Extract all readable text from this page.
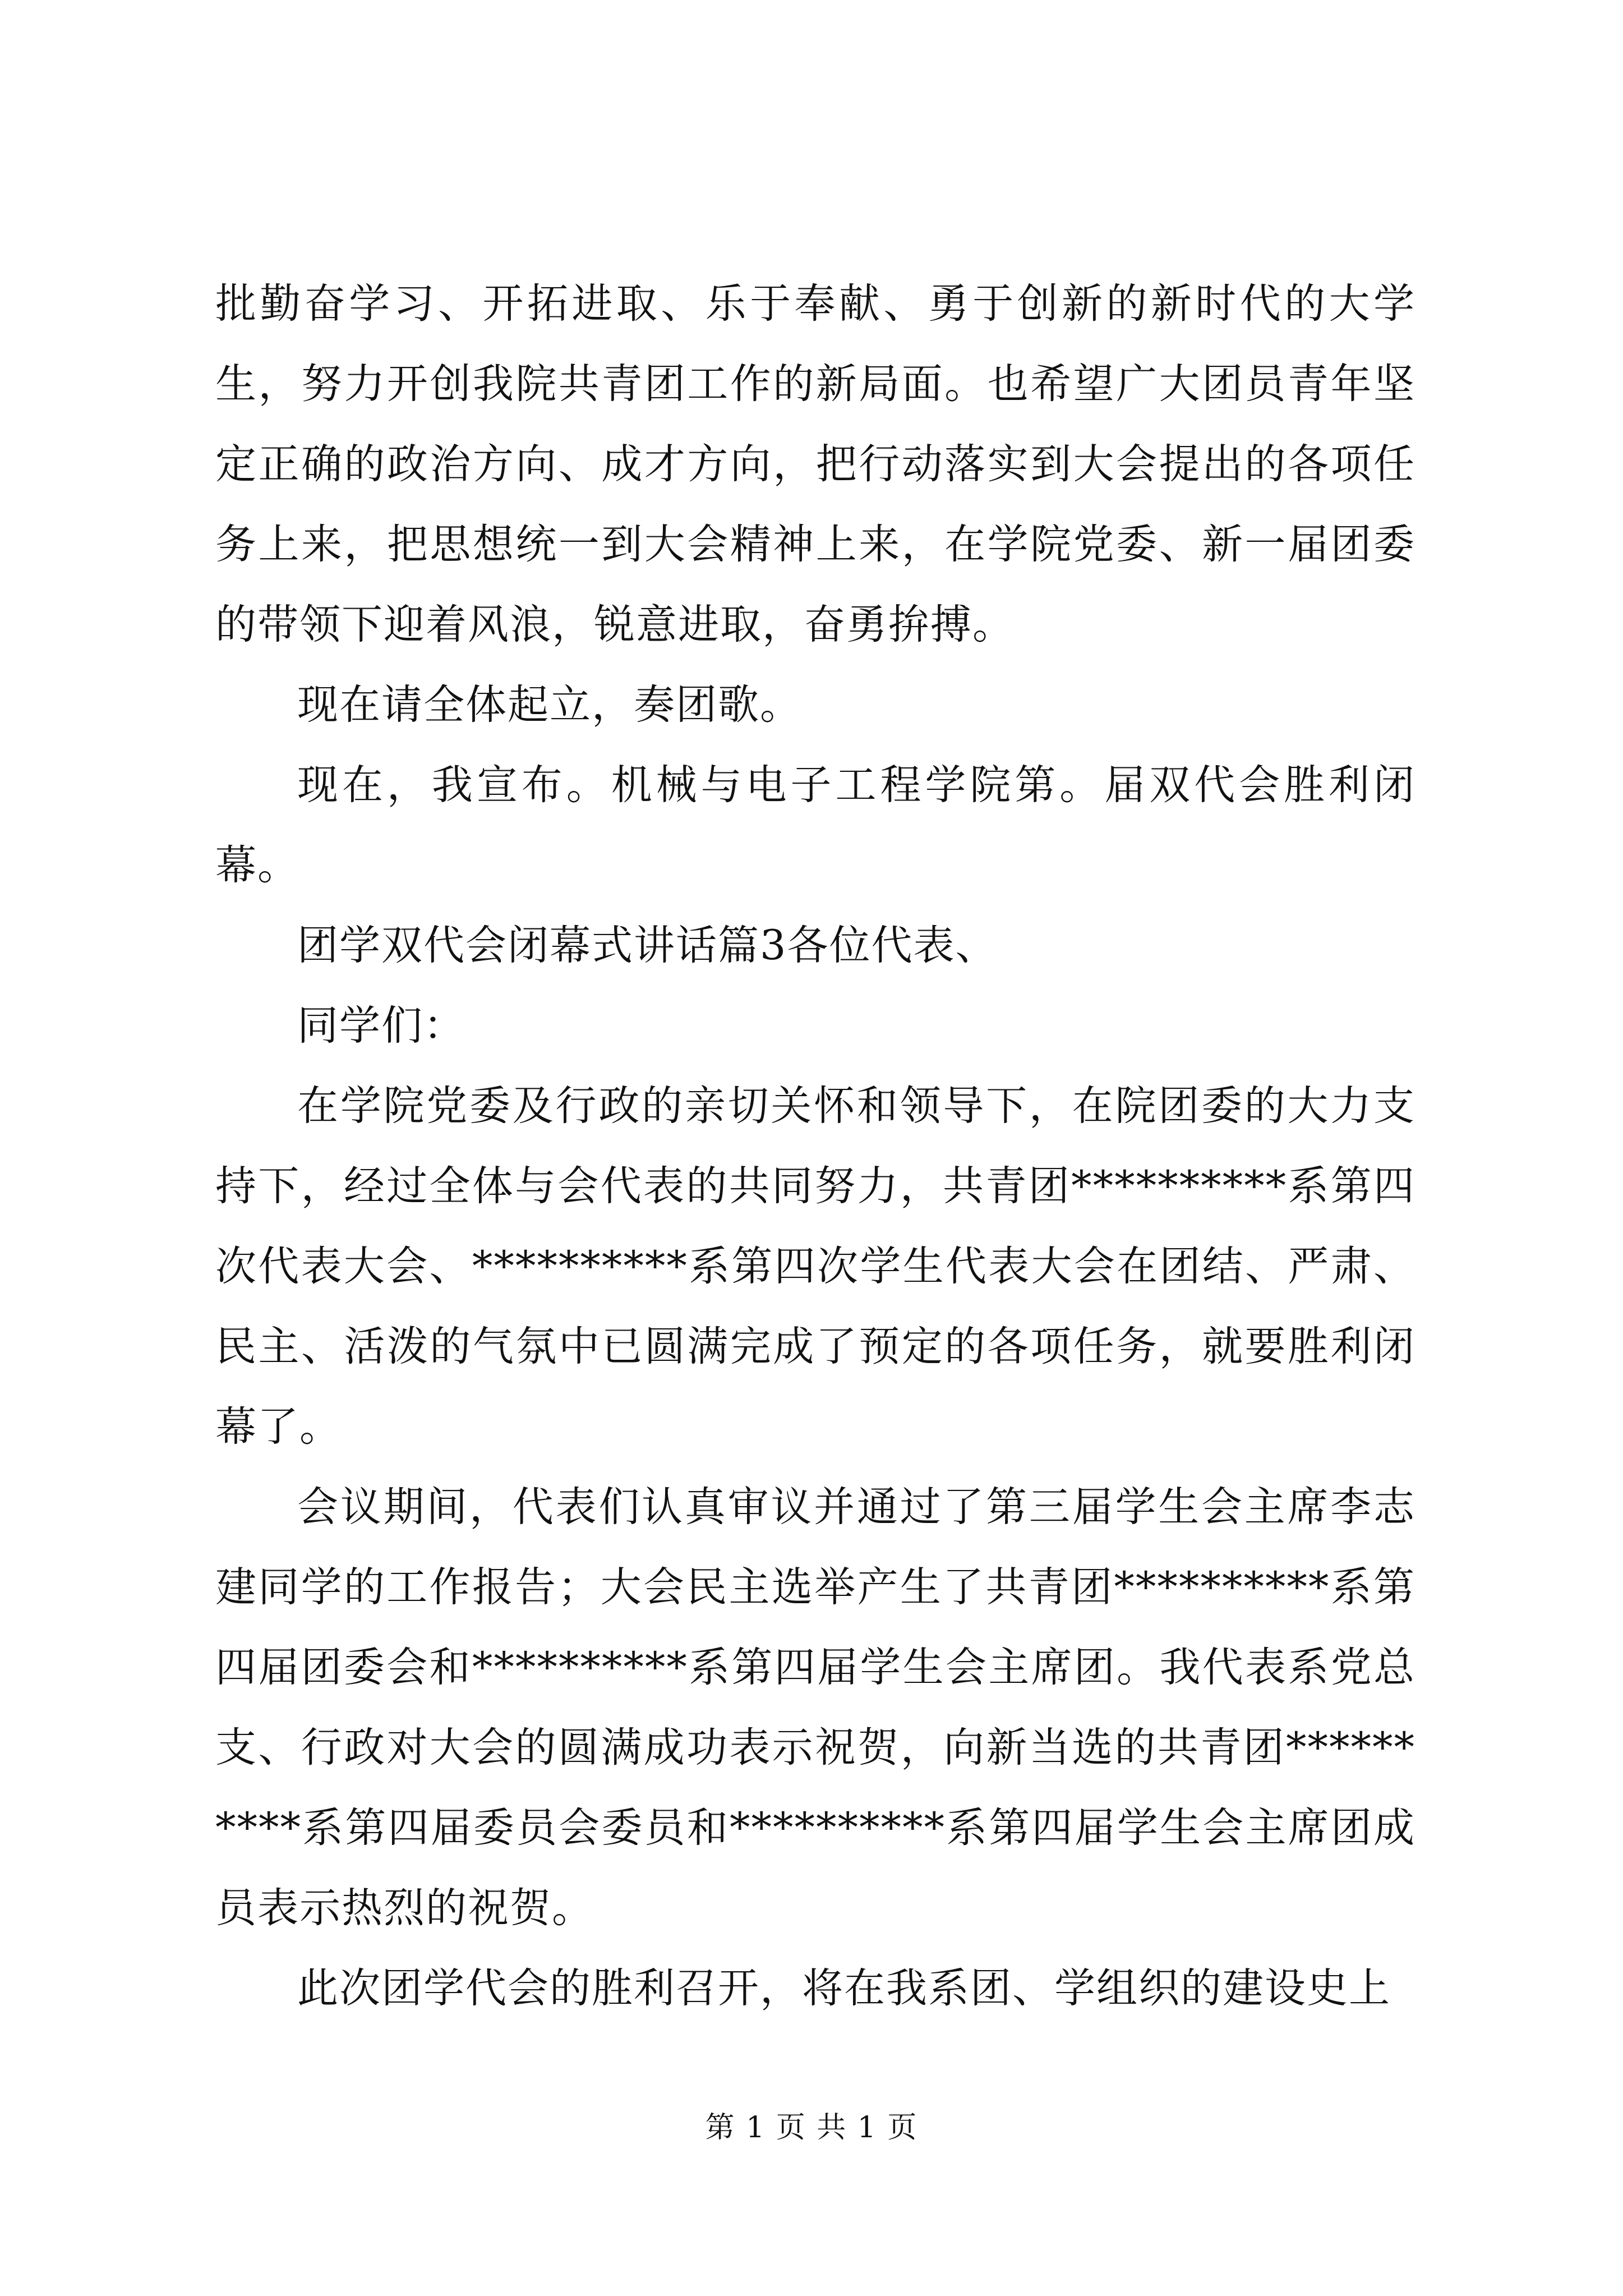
批勤奋学习、开拓进取、乐于奉献、勇于创新的新时代的大学生，努力开创我院共青团工作的新局面。也希望广大团员青年坚定正确的政治方向、成才方向，把行动落实到大会提出的各项任务上来，把思想统一到大会精神上来，在学院党委、新一届团委的带领下迎着风浪，锐意进取，奋勇拚搏。

现在请全体起立，奏团歌。

现在，我宣布。机械与电子工程学院第。届双代会胜利闭幕。

团学双代会闭幕式讲话篇3各位代表、

同学们：

在学院党委及行政的亲切关怀和领导下，在院团委的大力支持下，经过全体与会代表的共同努力，共青团**********系第四次代表大会、**********系第四次学生代表大会在团结、严肃、民主、活泼的气氛中已圆满完成了预定的各项任务，就要胜利闭幕了。

会议期间，代表们认真审议并通过了第三届学生会主席李志建同学的工作报告；大会民主选举产生了共青团**********系第四届团委会和**********系第四届学生会主席团。我代表系党总支、行政对大会的圆满成功表示祝贺，向新当选的共青团**********系第四届委员会委员和**********系第四届学生会主席团成员表示热烈的祝贺。

此次团学代会的胜利召开，将在我系团、学组织的建设史上

第 1 页 共 1 页
